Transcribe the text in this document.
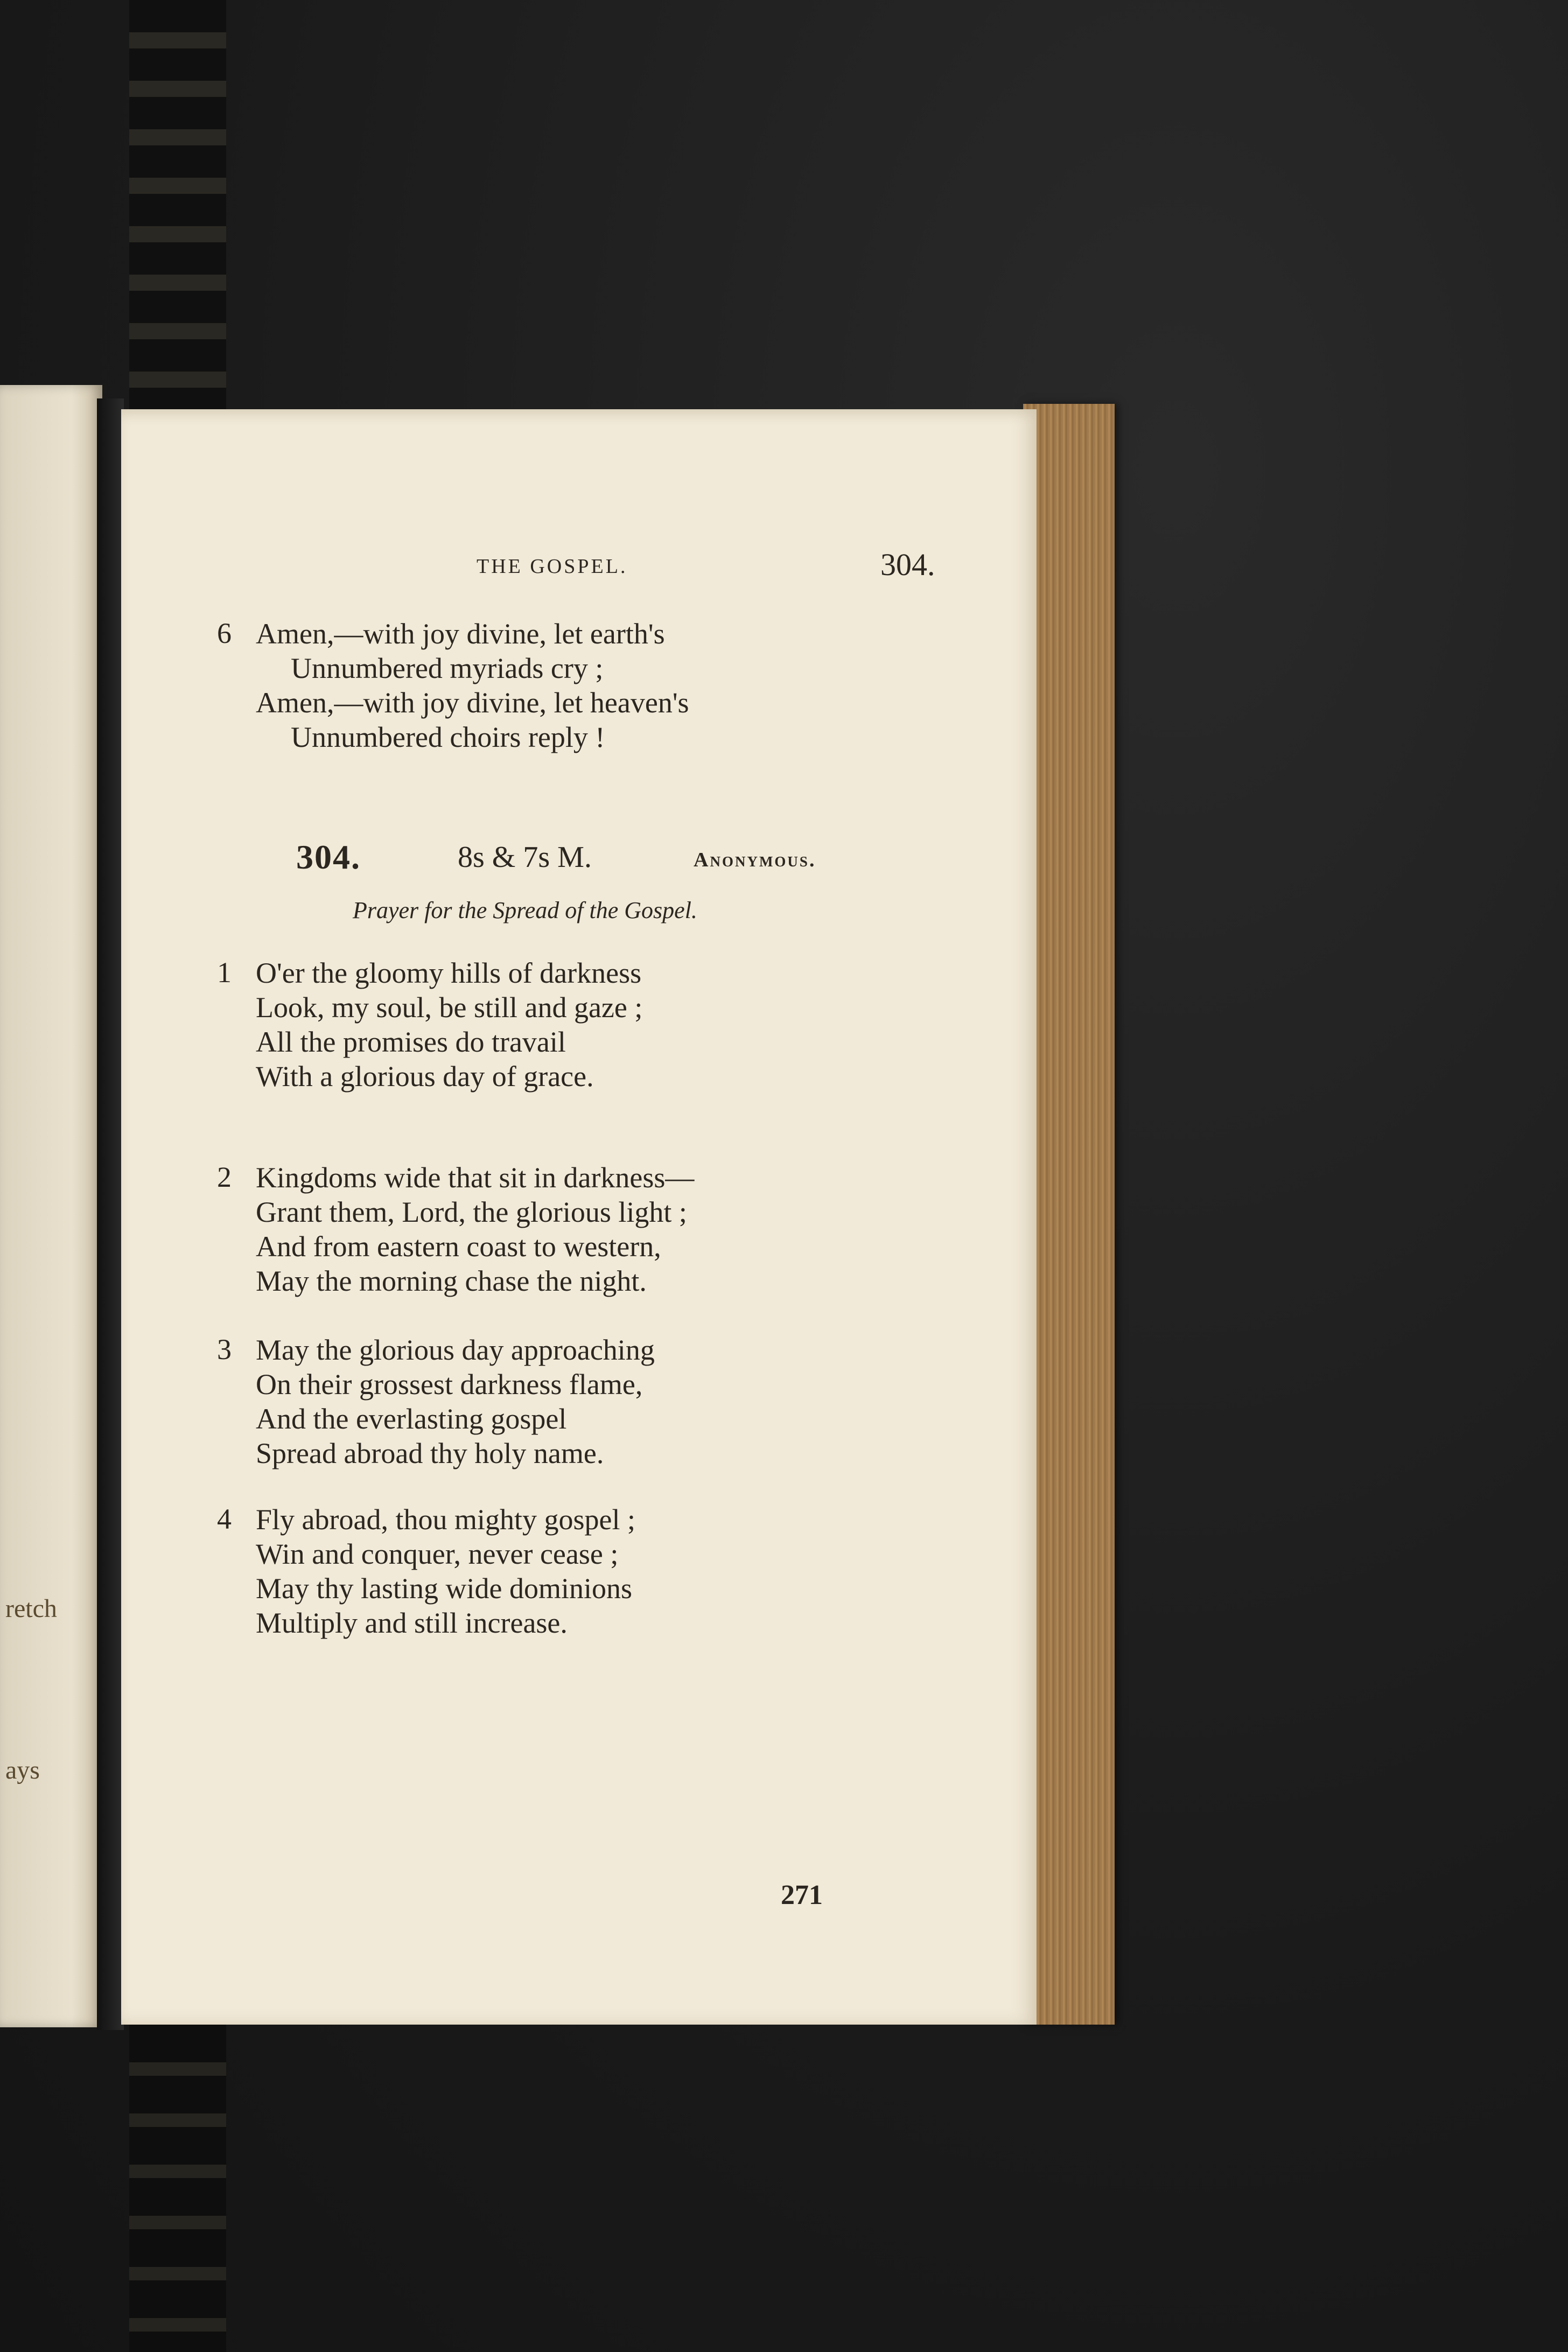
retch
ays
THE GOSPEL.	304.
6 Amen,—with joy divine, let earth's
Unnumbered myriads cry ;
Amen,—with joy divine, let heaven's
Unnumbered choirs reply !
304.	8s & 7s M.	Anonymous.
Prayer for the Spread of the Gospel.
1 O'er the gloomy hills of darkness
Look, my soul, be still and gaze ;
All the promises do travail
With a glorious day of grace.
2 Kingdoms wide that sit in darkness—
Grant them, Lord, the glorious light ;
And from eastern coast to western,
May the morning chase the night.
3 May the glorious day approaching
On their grossest darkness flame,
And the everlasting gospel
Spread abroad thy holy name.
4 Fly abroad, thou mighty gospel ;
Win and conquer, never cease ;
May thy lasting wide dominions
Multiply and still increase.
271
